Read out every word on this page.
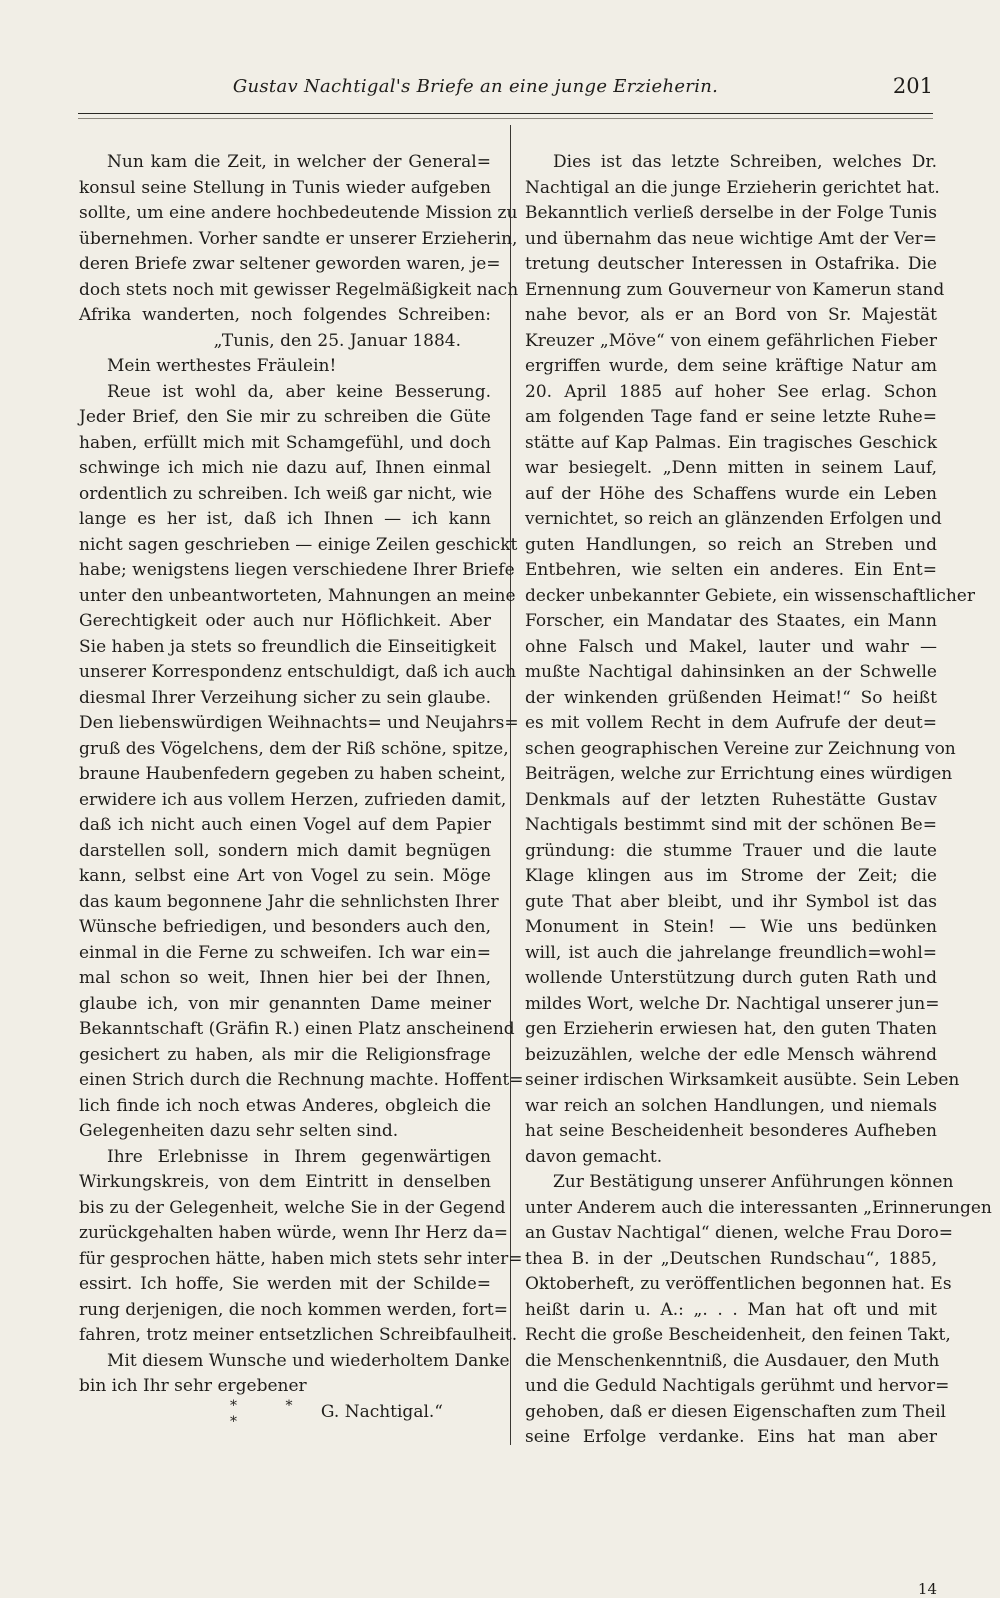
Gustav Nachtigal's Briefe an eine junge Erzieherin.	201
Nun kam die Zeit, in welcher der General=
konsul seine Stellung in Tunis wieder aufgeben
sollte, um eine andere hochbedeutende Mission zu
übernehmen. Vorher sandte er unserer Erzieherin,
deren Briefe zwar seltener geworden waren, je=
doch stets noch mit gewisser Regelmäßigkeit nach
Afrika wanderten, noch folgendes Schreiben:
„Tunis, den 25. Januar 1884.
Mein werthestes Fräulein!
Reue ist wohl da, aber keine Besserung.
Jeder Brief, den Sie mir zu schreiben die Güte
haben, erfüllt mich mit Schamgefühl, und doch
schwinge ich mich nie dazu auf, Ihnen einmal
ordentlich zu schreiben. Ich weiß gar nicht, wie
lange es her ist, daß ich Ihnen — ich kann
nicht sagen geschrieben — einige Zeilen geschickt
habe; wenigstens liegen verschiedene Ihrer Briefe
unter den unbeantworteten, Mahnungen an meine
Gerechtigkeit oder auch nur Höflichkeit. Aber
Sie haben ja stets so freundlich die Einseitigkeit
unserer Korrespondenz entschuldigt, daß ich auch
diesmal Ihrer Verzeihung sicher zu sein glaube.
Den liebenswürdigen Weihnachts= und Neujahrs=
gruß des Vögelchens, dem der Riß schöne, spitze,
braune Haubenfedern gegeben zu haben scheint,
erwidere ich aus vollem Herzen, zufrieden damit,
daß ich nicht auch einen Vogel auf dem Papier
darstellen soll, sondern mich damit begnügen
kann, selbst eine Art von Vogel zu sein. Möge
das kaum begonnene Jahr die sehnlichsten Ihrer
Wünsche befriedigen, und besonders auch den,
einmal in die Ferne zu schweifen. Ich war ein=
mal schon so weit, Ihnen hier bei der Ihnen,
glaube ich, von mir genannten Dame meiner
Bekanntschaft (Gräfin R.) einen Platz anscheinend
gesichert zu haben, als mir die Religionsfrage
einen Strich durch die Rechnung machte. Hoffent=
lich finde ich noch etwas Anderes, obgleich die
Gelegenheiten dazu sehr selten sind.
Ihre Erlebnisse in Ihrem gegenwärtigen
Wirkungskreis, von dem Eintritt in denselben
bis zu der Gelegenheit, welche Sie in der Gegend
zurückgehalten haben würde, wenn Ihr Herz da=
für gesprochen hätte, haben mich stets sehr inter=
essirt. Ich hoffe, Sie werden mit der Schilde=
rung derjenigen, die noch kommen werden, fort=
fahren, trotz meiner entsetzlichen Schreibfaulheit.
Mit diesem Wunsche und wiederholtem Danke
bin ich Ihr sehr ergebener
G. Nachtigal.“
Dies ist das letzte Schreiben, welches Dr.
Nachtigal an die junge Erzieherin gerichtet hat.
Bekanntlich verließ derselbe in der Folge Tunis
und übernahm das neue wichtige Amt der Ver=
tretung deutscher Interessen in Ostafrika. Die
Ernennung zum Gouverneur von Kamerun stand
nahe bevor, als er an Bord von Sr. Majestät
Kreuzer „Möve“ von einem gefährlichen Fieber
ergriffen wurde, dem seine kräftige Natur am
20. April 1885 auf hoher See erlag. Schon
am folgenden Tage fand er seine letzte Ruhe=
stätte auf Kap Palmas. Ein tragisches Geschick
war besiegelt. „Denn mitten in seinem Lauf,
auf der Höhe des Schaffens wurde ein Leben
vernichtet, so reich an glänzenden Erfolgen und
guten Handlungen, so reich an Streben und
Entbehren, wie selten ein anderes. Ein Ent=
decker unbekannter Gebiete, ein wissenschaftlicher
Forscher, ein Mandatar des Staates, ein Mann
ohne Falsch und Makel, lauter und wahr —
mußte Nachtigal dahinsinken an der Schwelle
der winkenden grüßenden Heimat!“ So heißt
es mit vollem Recht in dem Aufrufe der deut=
schen geographischen Vereine zur Zeichnung von
Beiträgen, welche zur Errichtung eines würdigen
Denkmals auf der letzten Ruhestätte Gustav
Nachtigals bestimmt sind mit der schönen Be=
gründung: die stumme Trauer und die laute
Klage klingen aus im Strome der Zeit; die
gute That aber bleibt, und ihr Symbol ist das
Monument in Stein! — Wie uns bedünken
will, ist auch die jahrelange freundlich=wohl=
wollende Unterstützung durch guten Rath und
mildes Wort, welche Dr. Nachtigal unserer jun=
gen Erzieherin erwiesen hat, den guten Thaten
beizuzählen, welche der edle Mensch während
seiner irdischen Wirksamkeit ausübte. Sein Leben
war reich an solchen Handlungen, und niemals
hat seine Bescheidenheit besonderes Aufheben
davon gemacht.
Zur Bestätigung unserer Anführungen können
unter Anderem auch die interessanten „Erinnerungen
an Gustav Nachtigal“ dienen, welche Frau Doro=
thea B. in der „Deutschen Rundschau“, 1885,
Oktoberheft, zu veröffentlichen begonnen hat. Es
heißt darin u. A.: „. . . Man hat oft und mit
Recht die große Bescheidenheit, den feinen Takt,
die Menschenkenntniß, die Ausdauer, den Muth
und die Geduld Nachtigals gerühmt und hervor=
gehoben, daß er diesen Eigenschaften zum Theil
seine Erfolge verdanke. Eins hat man aber
14
* * *
